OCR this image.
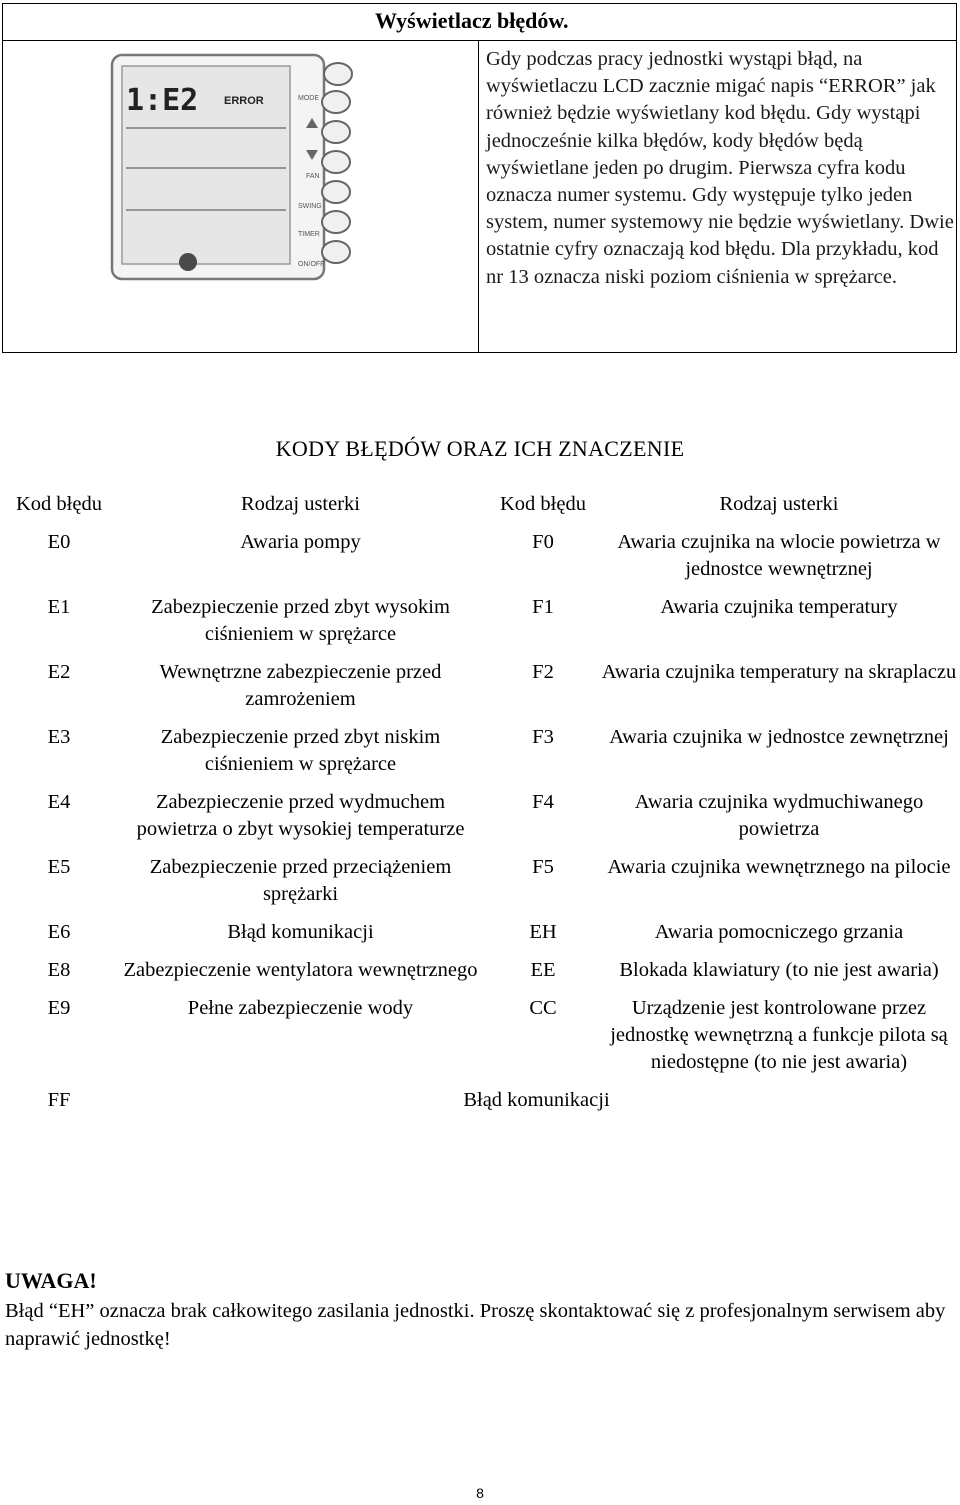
Wyświetlacz błędów.
1:E2 ERROR	MODE
FAN
SWING
TIMER
ON/OFF
Gdy podczas pracy jednostki wystąpi błąd, na wyświetlaczu LCD zacznie migać napis “ERROR” jak również będzie wyświetlany kod błędu. Gdy wystąpi jednocześnie kilka błędów, kody błędów będą wyświetlane jeden po drugim. Pierwsza cyfra kodu oznacza numer systemu. Gdy występuje tylko jeden system, numer systemowy nie będzie wyświetlany. Dwie ostatnie cyfry oznaczają kod błędu. Dla przykładu, kod nr 13 oznacza niski poziom ciśnienia w sprężarce.
KODY BŁĘDÓW ORAZ ICH ZNACZENIE
Kod błędu	Rodzaj usterki	Kod błędu	Rodzaj usterki
E0	Awaria pompy	F0	Awaria czujnika na wlocie powietrza w jednostce wewnętrznej
E1	Zabezpieczenie przed zbyt wysokim ciśnieniem w sprężarce	F1	Awaria czujnika temperatury
E2	Wewnętrzne zabezpieczenie przed zamrożeniem	F2	Awaria czujnika temperatury na skraplaczu
E3	Zabezpieczenie przed zbyt niskim ciśnieniem w sprężarce	F3	Awaria czujnika w jednostce zewnętrznej
E4	Zabezpieczenie przed wydmuchem powietrza o zbyt wysokiej temperaturze	F4	Awaria czujnika wydmuchiwanego powietrza
E5	Zabezpieczenie przed przeciążeniem sprężarki	F5	Awaria czujnika wewnętrznego na pilocie
E6	Błąd komunikacji	EH	Awaria pomocniczego grzania
E8	Zabezpieczenie wentylatora wewnętrznego	EE	Blokada klawiatury (to nie jest awaria)
E9	Pełne zabezpieczenie wody	CC	Urządzenie jest kontrolowane przez jednostkę wewnętrzną a funkcje pilota są niedostępne (to nie jest awaria)
FF	Błąd komunikacji		
UWAGA!
Błąd “EH” oznacza brak całkowitego zasilania jednostki. Proszę skontaktować się z profesjonalnym serwisem aby naprawić jednostkę!
8
